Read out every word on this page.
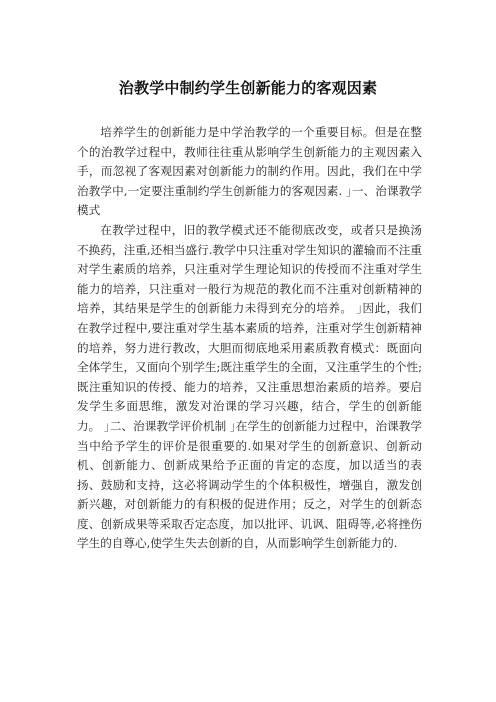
治教学中制约学生创新能力的客观因素

培养学生的创新能力是中学治教学的一个重要目标。但是在整个的治教学过程中，教师往往重从影响学生创新能力的主观因素入手，而忽视了客观因素对创新能力的制约作用。因此，我们在中学治教学中,一定要注重制约学生创新能力的客观因素. ｣一、治课教学模式

在教学过程中，旧的教学模式还不能彻底改变，或者只是换汤不换药，注重,还相当盛行.教学中只注重对学生知识的灌输而不注重对学生素质的培养，只注重对学生理论知识的传授而不注重对学生能力的培养，只注重对一般行为规范的教化而不注重对创新精神的培养，其结果是学生的创新能力未得到充分的培养。 ｣因此，我们在教学过程中,要注重对学生基本素质的培养，注重对学生创新精神的培养，努力进行教改，大胆而彻底地采用素质教育模式：既面向全体学生，又面向个别学生;既注重学生的全面，又注重学生的个性;既注重知识的传授、能力的培养，又注重思想治素质的培养。要启发学生多面思维，激发对治课的学习兴趣，结合，学生的创新能力。 ｣二、治课教学评价机制 ｣在学生的创新能力过程中，治课教学当中给予学生的评价是很重要的.如果对学生的创新意识、创新动机、创新能力、创新成果给予正面的肯定的态度，加以适当的表扬、鼓励和支持，这必将调动学生的个体积极性，增强自，激发创新兴趣，对创新能力的有积极的促进作用；反之，对学生的创新态度、创新成果等采取否定态度，加以批评、讥讽、阻碍等,必将挫伤学生的自尊心,使学生失去创新的自，从而影响学生创新能力的.
